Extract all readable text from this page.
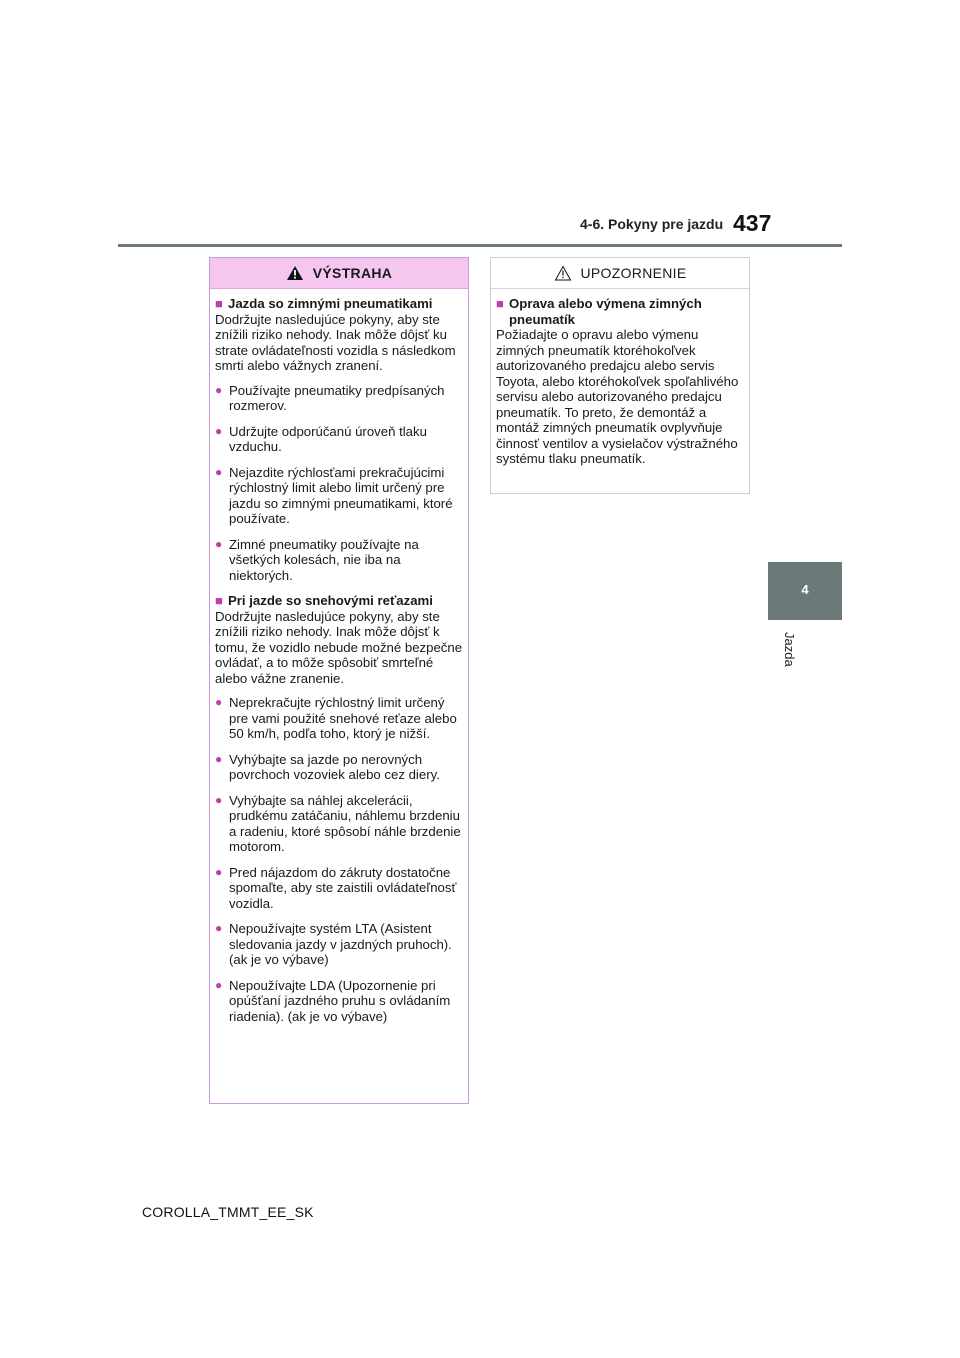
4-6. Pokyny pre jazdu 437
4
Jazda
VÝSTRAHA
■ Jazda so zimnými pneumatikami
Dodržujte nasledujúce pokyny, aby ste znížili riziko nehody. Inak môže dôjsť ku strate ovládateľnosti vozidla s následkom smrti alebo vážnych zranení.
● Používajte pneumatiky predpísaných rozmerov.
● Udržujte odporúčanú úroveň tlaku vzduchu.
● Nejazdite rýchlosťami prekračujúcimi rýchlostný limit alebo limit určený pre jazdu so zimnými pneumatikami, ktoré používate.
● Zimné pneumatiky používajte na všetkých kolesách, nie iba na niektorých.
■ Pri jazde so snehovými reťazami
Dodržujte nasledujúce pokyny, aby ste znížili riziko nehody. Inak môže dôjsť k tomu, že vozidlo nebude možné bezpečne ovládať, a to môže spôsobiť smrteľné alebo vážne zranenie.
● Neprekračujte rýchlostný limit určený pre vami použité snehové reťaze alebo 50 km/h, podľa toho, ktorý je nižší.
● Vyhýbajte sa jazde po nerovných povrchoch vozoviek alebo cez diery.
● Vyhýbajte sa náhlej akcelerácii, prudkému zatáčaniu, náhlemu brzdeniu a radeniu, ktoré spôsobí náhle brzdenie motorom.
● Pred nájazdom do zákruty dostatočne spomaľte, aby ste zaistili ovládateľnosť vozidla.
● Nepoužívajte systém LTA (Asistent sledovania jazdy v jazdných pruhoch). (ak je vo výbave)
● Nepoužívajte LDA (Upozornenie pri opúšťaní jazdného pruhu s ovládaním riadenia). (ak je vo výbave)
UPOZORNENIE
■ Oprava alebo výmena zimných pneumatík
Požiadajte o opravu alebo výmenu zimných pneumatík ktoréhokoľvek autorizovaného predajcu alebo servis Toyota, alebo ktoréhokoľvek spoľahlivého servisu alebo autorizovaného predajcu pneumatík. To preto, že demontáž a montáž zimných pneumatík ovplyvňuje činnosť ventilov a vysielačov výstražného systému tlaku pneumatík.
COROLLA_TMMT_EE_SK
